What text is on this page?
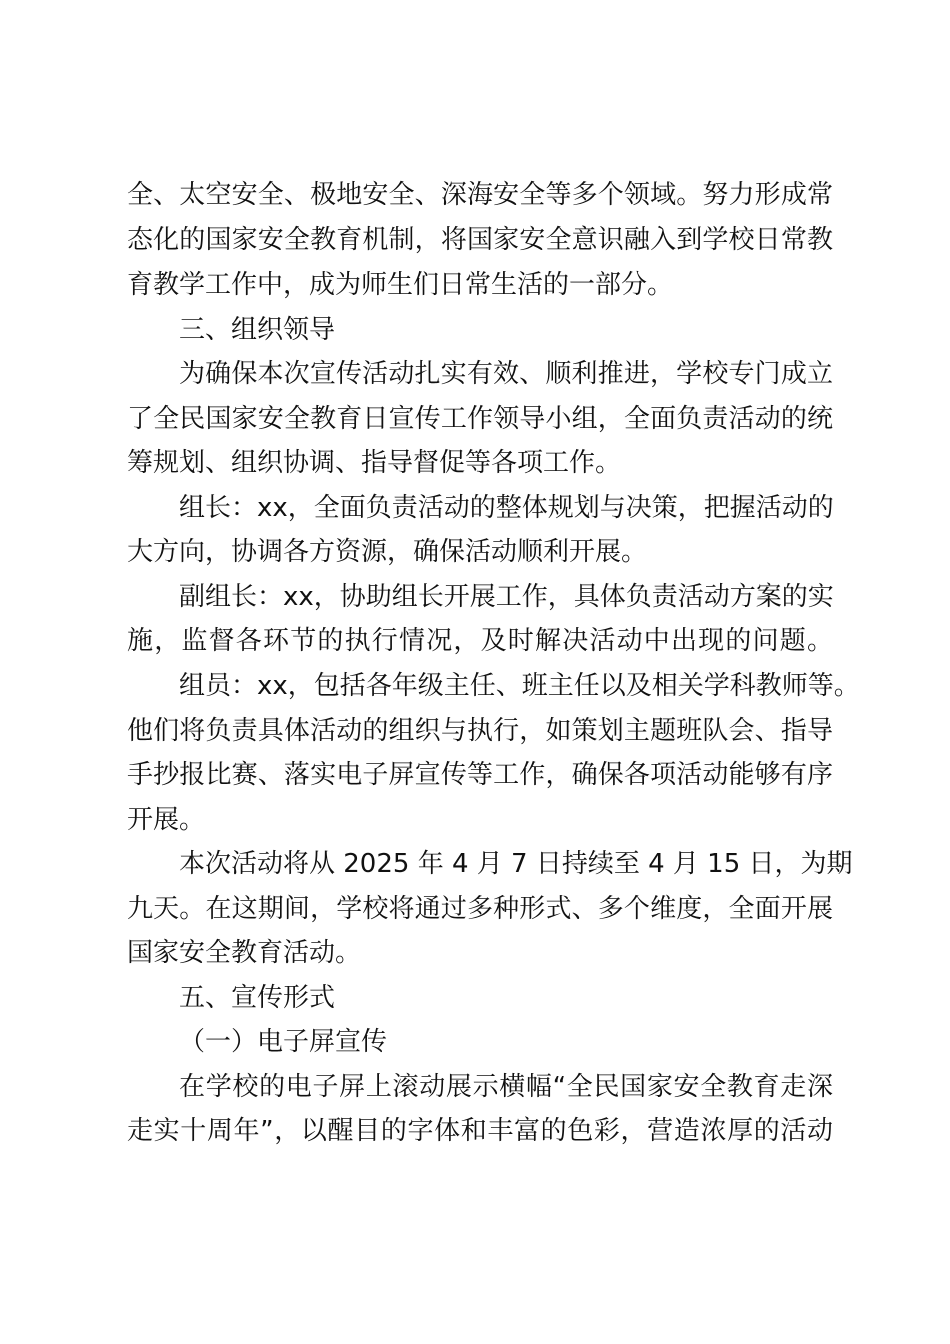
全、太空安全、极地安全、深海安全等多个领域。努力形成常
态化的国家安全教育机制，将国家安全意识融入到学校日常教
育教学工作中，成为师生们日常生活的一部分。
三、组织领导
为确保本次宣传活动扎实有效、顺利推进，学校专门成立
了全民国家安全教育日宣传工作领导小组，全面负责活动的统
筹规划、组织协调、指导督促等各项工作。
组长：xx，全面负责活动的整体规划与决策，把握活动的
大方向，协调各方资源，确保活动顺利开展。
副组长：xx，协助组长开展工作，具体负责活动方案的实
施，监督各环节的执行情况，及时解决活动中出现的问题。
组员：xx，包括各年级主任、班主任以及相关学科教师等。
他们将负责具体活动的组织与执行，如策划主题班队会、指导
手抄报比赛、落实电子屏宣传等工作，确保各项活动能够有序
开展。
本次活动将从 2025 年 4 月 7 日持续至 4 月 15 日，为期
九天。在这期间，学校将通过多种形式、多个维度，全面开展
国家安全教育活动。
五、宣传形式
（一）电子屏宣传
在学校的电子屏上滚动展示横幅“全民国家安全教育走深
走实十周年”，以醒目的字体和丰富的色彩，营造浓厚的活动
